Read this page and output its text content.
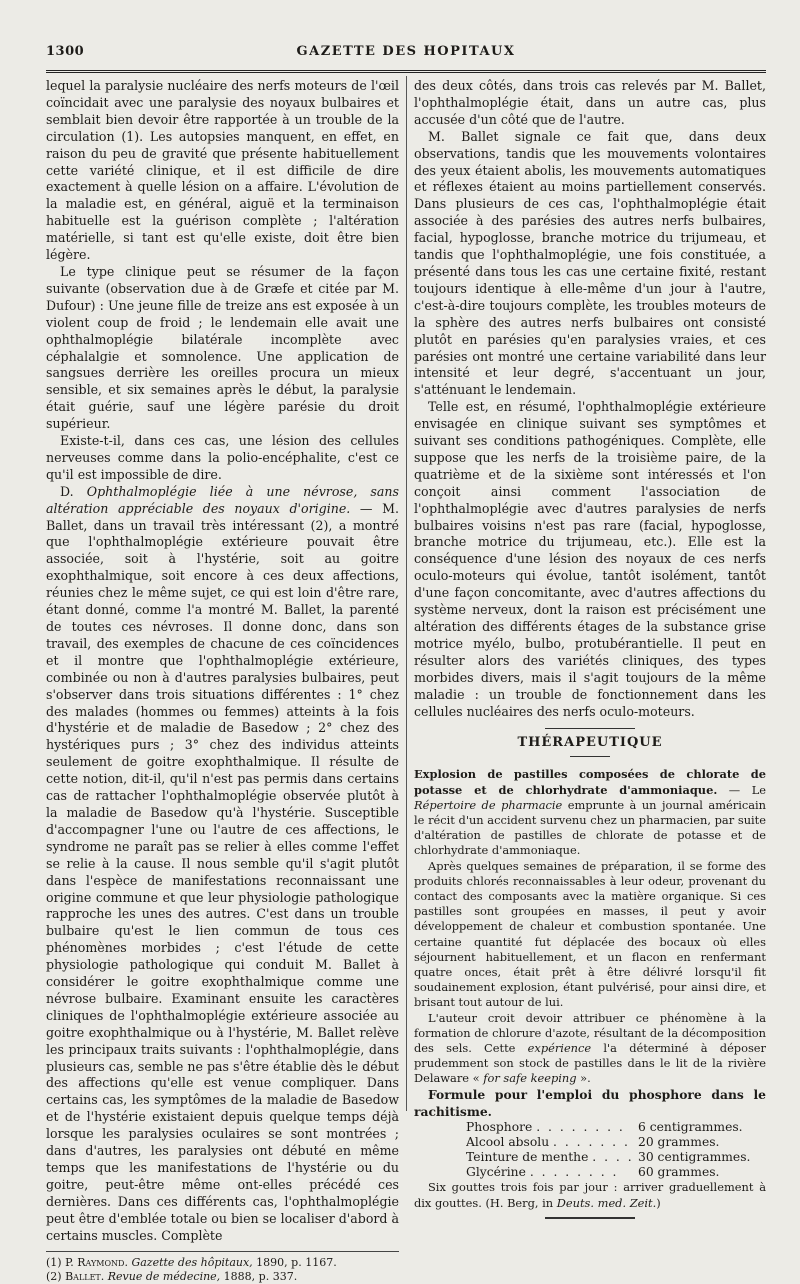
1300	GAZETTE DES HOPITAUX

lequel la paralysie nucléaire des nerfs moteurs de l'œil coïncidait avec une paralysie des noyaux bulbaires et semblait bien devoir être rapportée à un trouble de la circulation (1). Les autopsies manquent, en effet, en raison du peu de gravité que présente habituellement cette variété clinique, et il est difficile de dire exactement à quelle lésion on a affaire. L'évolution de la maladie est, en général, aiguë et la terminaison habituelle est la guérison complète ; l'altération matérielle, si tant est qu'elle existe, doit être bien légère.

Le type clinique peut se résumer de la façon suivante (observation due à de Græfe et citée par M. Dufour) : Une jeune fille de treize ans est exposée à un violent coup de froid ; le lendemain elle avait une ophthalmoplégie bilatérale incomplète avec céphalalgie et somnolence. Une application de sangsues derrière les oreilles procura un mieux sensible, et six semaines après le début, la paralysie était guérie, sauf une légère parésie du droit supérieur.

Existe-t-il, dans ces cas, une lésion des cellules nerveuses comme dans la polio-encéphalite, c'est ce qu'il est impossible de dire.

D. Ophthalmoplégie liée à une névrose, sans altération appréciable des noyaux d'origine. — M. Ballet, dans un travail très intéressant (2), a montré que l'ophthalmoplégie extérieure pouvait être associée, soit à l'hystérie, soit au goitre exophthalmique, soit encore à ces deux affections, réunies chez le même sujet, ce qui est loin d'être rare, étant donné, comme l'a montré M. Ballet, la parenté de toutes ces névroses. Il donne donc, dans son travail, des exemples de chacune de ces coïncidences et il montre que l'ophthalmoplégie extérieure, combinée ou non à d'autres paralysies bulbaires, peut s'observer dans trois situations différentes : 1° chez des malades (hommes ou femmes) atteints à la fois d'hystérie et de maladie de Basedow ; 2° chez des hystériques purs ; 3° chez des individus atteints seulement de goitre exophthalmique. Il résulte de cette notion, dit-il, qu'il n'est pas permis dans certains cas de rattacher l'ophthalmoplégie observée plutôt à la maladie de Basedow qu'à l'hystérie. Susceptible d'accompagner l'une ou l'autre de ces affections, le syndrome ne paraît pas se relier à elles comme l'effet se relie à la cause. Il nous semble qu'il s'agit plutôt dans l'espèce de manifestations reconnaissant une origine commune et que leur physiologie pathologique rapproche les unes des autres. C'est dans un trouble bulbaire qu'est le lien commun de tous ces phénomènes morbides ; c'est l'étude de cette physiologie pathologique qui conduit M. Ballet à considérer le goitre exophthalmique comme une névrose bulbaire. Examinant ensuite les caractères cliniques de l'ophthalmoplégie extérieure associée au goitre exophthalmique ou à l'hystérie, M. Ballet relève les principaux traits suivants : l'ophthalmoplégie, dans plusieurs cas, semble ne pas s'être établie dès le début des affections qu'elle est venue compliquer. Dans certains cas, les symptômes de la maladie de Basedow et de l'hystérie existaient depuis quelque temps déjà lorsque les paralysies oculaires se sont montrées ; dans d'autres, les paralysies ont débuté en même temps que les manifestations de l'hystérie ou du goitre, peut-être même ont-elles précédé ces dernières. Dans ces différents cas, l'ophthalmoplégie peut être d'emblée totale ou bien se localiser d'abord à certains muscles. Complète

(1) P. Raymond. Gazette des hôpitaux, 1890, p. 1167.

(2) Ballet. Revue de médecine, 1888, p. 337.

des deux côtés, dans trois cas relevés par M. Ballet, l'ophthalmoplégie était, dans un autre cas, plus accusée d'un côté que de l'autre.

M. Ballet signale ce fait que, dans deux observations, tandis que les mouvements volontaires des yeux étaient abolis, les mouvements automatiques et réflexes étaient au moins partiellement conservés. Dans plusieurs de ces cas, l'ophthalmoplégie était associée à des parésies des autres nerfs bulbaires, facial, hypoglosse, branche motrice du trijumeau, et tandis que l'ophthalmoplégie, une fois constituée, a présenté dans tous les cas une certaine fixité, restant toujours identique à elle-même d'un jour à l'autre, c'est-à-dire toujours complète, les troubles moteurs de la sphère des autres nerfs bulbaires ont consisté plutôt en parésies qu'en paralysies vraies, et ces parésies ont montré une certaine variabilité dans leur intensité et leur degré, s'accentuant un jour, s'atténuant le lendemain.

Telle est, en résumé, l'ophthalmoplégie extérieure envisagée en clinique suivant ses symptômes et suivant ses conditions pathogéniques. Complète, elle suppose que les nerfs de la troisième paire, de la quatrième et de la sixième sont intéressés et l'on conçoit ainsi comment l'association de l'ophthalmoplégie avec d'autres paralysies de nerfs bulbaires voisins n'est pas rare (facial, hypoglosse, branche motrice du trijumeau, etc.). Elle est la conséquence d'une lésion des noyaux de ces nerfs oculo-moteurs qui évolue, tantôt isolément, tantôt d'une façon concomitante, avec d'autres affections du système nerveux, dont la raison est précisément une altération des différents étages de la substance grise motrice myélo, bulbo, protubérantielle. Il peut en résulter alors des variétés cliniques, des types morbides divers, mais il s'agit toujours de la même maladie : un trouble de fonctionnement dans les cellules nucléaires des nerfs oculo-moteurs.

THÉRAPEUTIQUE

Explosion de pastilles composées de chlorate de potasse et de chlorhydrate d'ammoniaque. — Le Répertoire de pharmacie emprunte à un journal américain le récit d'un accident survenu chez un pharmacien, par suite d'altération de pastilles de chlorate de potasse et de chlorhydrate d'ammoniaque.

Après quelques semaines de préparation, il se forme des produits chlorés reconnaissables à leur odeur, provenant du contact des composants avec la matière organique. Si ces pastilles sont groupées en masses, il peut y avoir développement de chaleur et combustion spontanée. Une certaine quantité fut déplacée des bocaux où elles séjournent habituellement, et un flacon en renfermant quatre onces, était prêt à être délivré lorsqu'il fit soudainement explosion, étant pulvérisé, pour ainsi dire, et brisant tout autour de lui.

L'auteur croit devoir attribuer ce phénomène à la formation de chlorure d'azote, résultant de la décomposition des sels. Cette expérience l'a déterminé à déposer prudemment son stock de pastilles dans le lit de la rivière Delaware « for safe keeping ».

Formule pour l'emploi du phosphore dans le rachitisme.

Phosphore . . . . . . . .	6 centigrammes.
Alcool absolu . . . . . . . 20 grammes.
Teinture de menthe . . . . 30 centigrammes.
Glycérine . . . . . . . .	60 grammes.

Six gouttes trois fois par jour : arriver graduellement à dix gouttes. (H. Berg, in Deuts. med. Zeit.)
